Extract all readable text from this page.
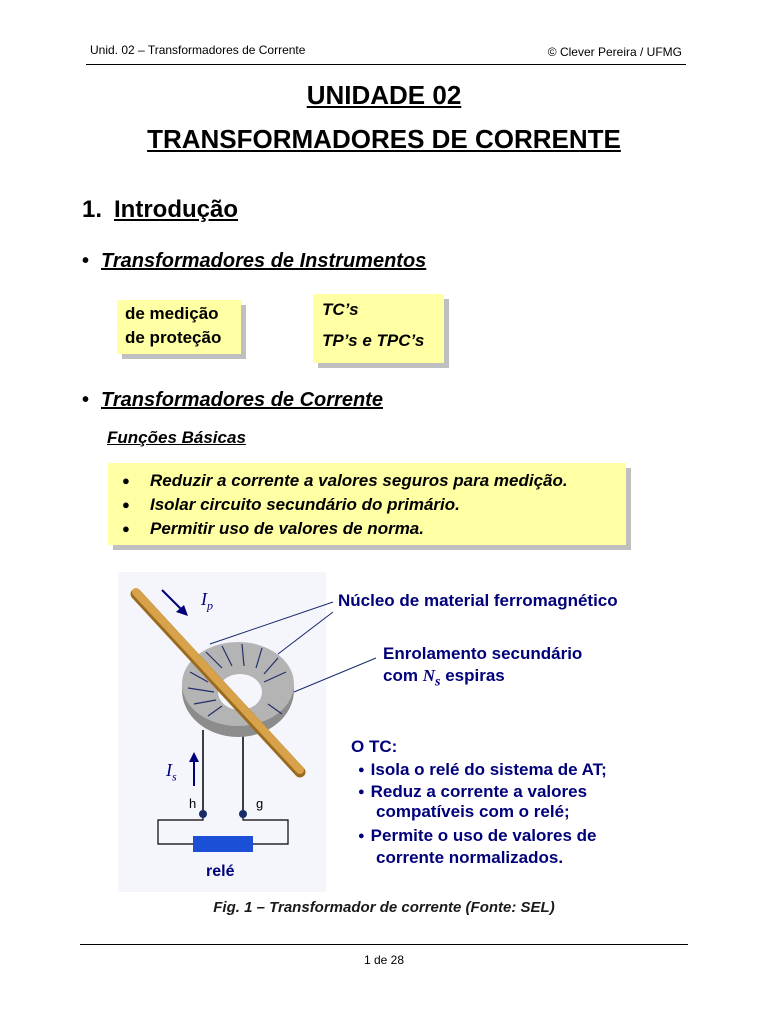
Unid. 02 – Transformadores de Corrente	© Clever Pereira / UFMG
UNIDADE 02
TRANSFORMADORES DE CORRENTE
1. Introdução
• Transformadores de Instrumentos
de medição
de proteção
TC’s
TP’s e TPC’s
• Transformadores de Corrente
Funções Básicas
●	Reduzir a corrente a valores seguros para medição.
●	Isolar circuito secundário do primário.
●	Permitir uso de valores de norma.
$I_p$
$I_s$
h	g
relé
Núcleo de material ferromagnético
Enrolamento secundário
com $N_s$ espiras
O TC:
● Isola o relé do sistema de AT;
● Reduz a corrente a valores
compatíveis com o relé;
● Permite o uso de valores de
corrente normalizados.
Fig. 1 – Transformador de corrente (Fonte: SEL)
1 de 28
